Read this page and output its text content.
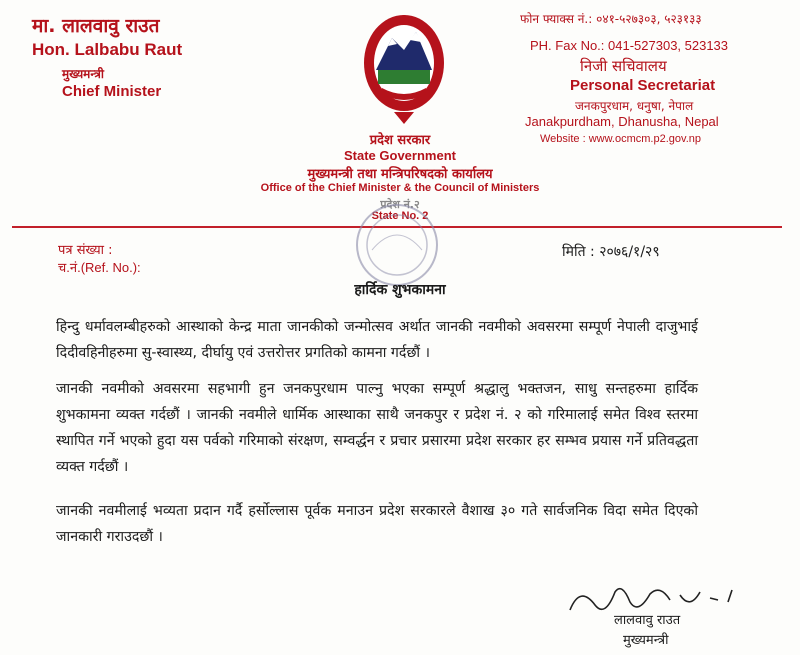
मा. लालवावु राउत
Hon. Lalbabu Raut
मुख्यमन्त्री
Chief Minister
फोन फ्याक्स नं.: ०४१-५२७३०३, ५२३१३३
PH. Fax No.: 041-527303, 523133
निजी सचिवालय
Personal Secretariat
जनकपुरधाम, धनुषा, नेपाल
Janakpurdham, Dhanusha, Nepal
Website : www.ocmcm.p2.gov.np
प्रदेश सरकार
State Government
मुख्यमन्त्री तथा मन्त्रिपरिषदको कार्यालय
Office of the Chief Minister & the Council of Ministers
प्रदेश नं.२
State No. 2
पत्र संख्या :
च.नं.(Ref. No.):
मिति : २०७६/१/२९
हार्दिक शुभकामना
हिन्दु धर्मावलम्बीहरुको आस्थाको केन्द्र माता जानकीको जन्मोत्सव अर्थात जानकी नवमीको अवसरमा सम्पूर्ण नेपाली दाजुभाई दिदीवहिनीहरुमा सु-स्वास्थ्य, दीर्घायु एवं उत्तरोत्तर प्रगतिको कामना गर्दछौं ।
जानकी नवमीको अवसरमा सहभागी हुन जनकपुरधाम पाल्नु भएका सम्पूर्ण श्रद्धालु भक्तजन, साधु सन्तहरुमा हार्दिक शुभकामना व्यक्त गर्दछौं । जानकी नवमीले धार्मिक आस्थाका साथै जनकपुर र प्रदेश नं. २ को गरिमालाई समेत विश्व स्तरमा स्थापित गर्ने भएको हुदा यस पर्वको गरिमाको संरक्षण, सम्वर्द्धन र प्रचार प्रसारमा प्रदेश सरकार हर सम्भव प्रयास गर्ने प्रतिवद्धता व्यक्त गर्दछौं ।
जानकी नवमीलाई भव्यता प्रदान गर्दै हर्सोल्लास पूर्वक मनाउन प्रदेश सरकारले वैशाख ३० गते सार्वजनिक विदा समेत दिएको जानकारी गराउदछौं ।
लालवावु राउत
मुख्यमन्त्री
